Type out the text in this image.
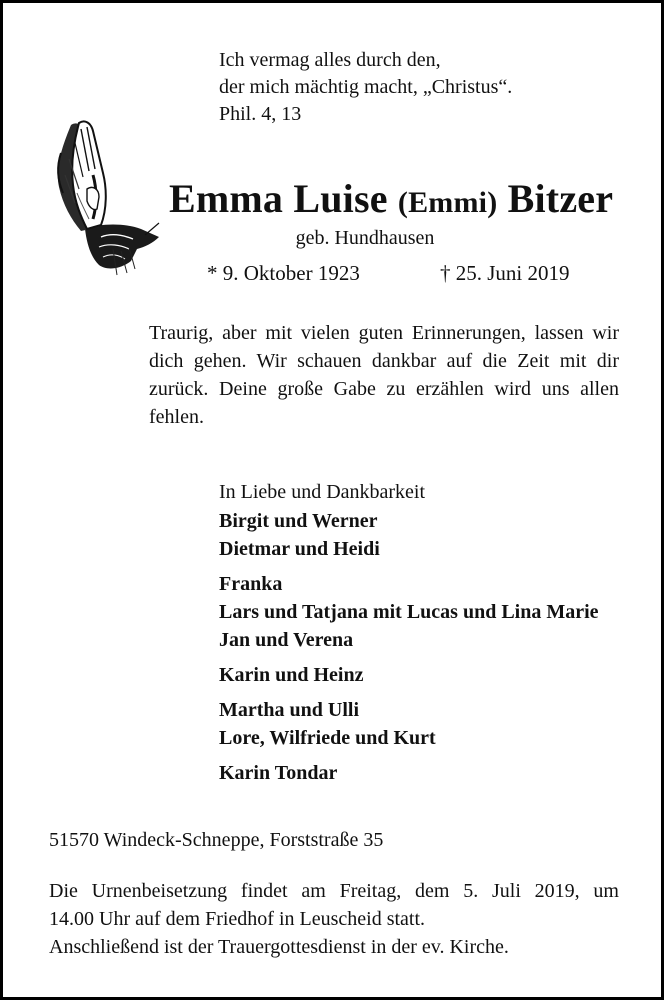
Ich vermag alles durch den,
der mich mächtig macht, „Christus“.
Phil. 4, 13
Emma Luise (Emmi) Bitzer
geb. Hundhausen
* 9. Oktober 1923	† 25. Juni 2019

Traurig, aber mit vielen guten Erinnerungen, lassen wir dich gehen. Wir schauen dankbar auf die Zeit mit dir zurück. Deine große Gabe zu erzählen wird uns allen fehlen.

In Liebe und Dankbarkeit
Birgit und Werner
Dietmar und Heidi
Franka
Lars und Tatjana mit Lucas und Lina Marie
Jan und Verena
Karin und Heinz
Martha und Ulli
Lore, Wilfriede und Kurt
Karin Tondar
51570 Windeck-Schneppe, Forststraße 35
Die Urnenbeisetzung findet am Freitag, dem 5. Juli 2019, um
14.00 Uhr auf dem Friedhof in Leuscheid statt.
Anschließend ist der Trauergottesdienst in der ev. Kirche.
